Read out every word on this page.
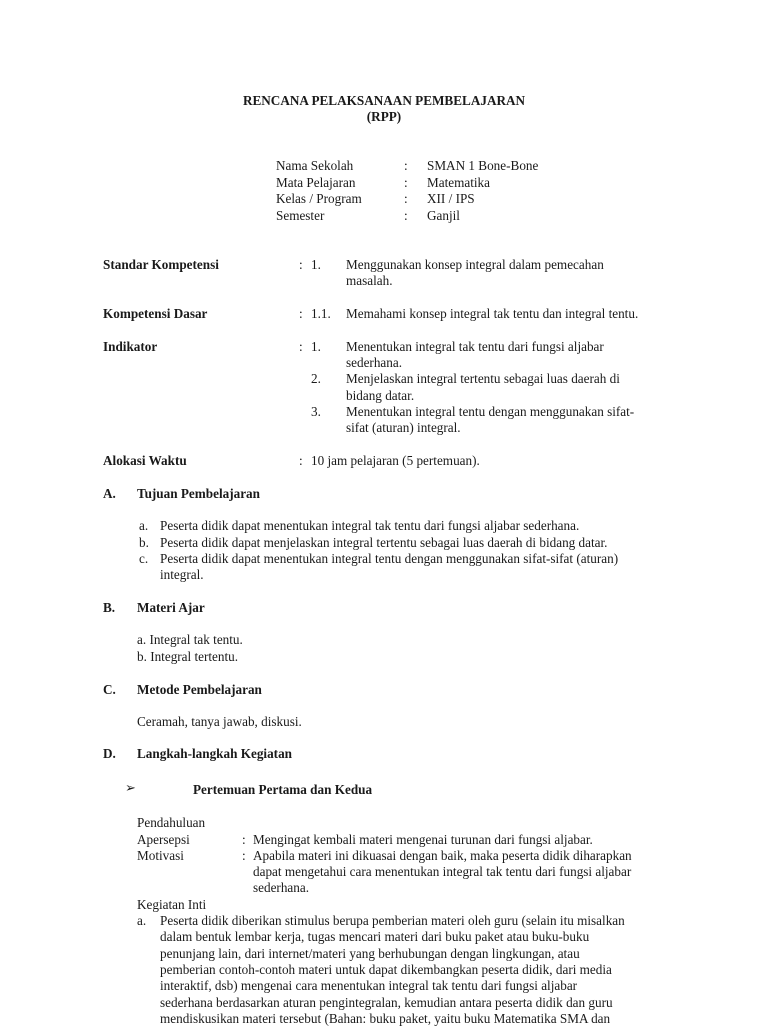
RENCANA PELAKSANAAN PEMBELAJARAN
(RPP)
Nama Sekolah	: SMAN 1 Bone-Bone
Mata Pelajaran	: Matematika
Kelas / Program	: XII / IPS
Semester	: Ganjil
Standar Kompetensi	: 1. Menggunakan konsep integral dalam pemecahan
masalah.
Kompetensi Dasar	: 1.1. Memahami konsep integral tak tentu dan integral tentu.
Indikator	: 1. Menentukan integral tak tentu dari fungsi aljabar
sederhana.
2. Menjelaskan integral tertentu sebagai luas daerah di
bidang datar.
3. Menentukan integral tentu dengan menggunakan sifat-
sifat (aturan) integral.
Alokasi Waktu	: 10 jam pelajaran (5 pertemuan).
A. Tujuan Pembelajaran
a. Peserta didik dapat menentukan integral tak tentu dari fungsi aljabar sederhana.
b. Peserta didik dapat menjelaskan integral tertentu sebagai luas daerah di bidang datar.
c. Peserta didik dapat menentukan integral tentu dengan menggunakan sifat-sifat (aturan)
integral.
B. Materi Ajar
a. Integral tak tentu.
b. Integral tertentu.
C. Metode Pembelajaran
Ceramah, tanya jawab, diskusi.
D. Langkah-langkah Kegiatan
➢	Pertemuan Pertama dan Kedua
Pendahuluan
Apersepsi	: Mengingat kembali materi mengenai turunan dari fungsi aljabar.
Motivasi	: Apabila materi ini dikuasai dengan baik, maka peserta didik diharapkan
dapat mengetahui cara menentukan integral tak tentu dari fungsi aljabar
sederhana.
Kegiatan Inti
a. Peserta didik diberikan stimulus berupa pemberian materi oleh guru (selain itu misalkan
dalam bentuk lembar kerja, tugas mencari materi dari buku paket atau buku-buku
penunjang lain, dari internet/materi yang berhubungan dengan lingkungan, atau
pemberian contoh-contoh materi untuk dapat dikembangkan peserta didik, dari media
interaktif, dsb) mengenai cara menentukan integral tak tentu dari fungsi aljabar
sederhana berdasarkan aturan pengintegralan, kemudian antara peserta didik dan guru
mendiskusikan materi tersebut (Bahan: buku paket, yaitu buku Matematika SMA dan
